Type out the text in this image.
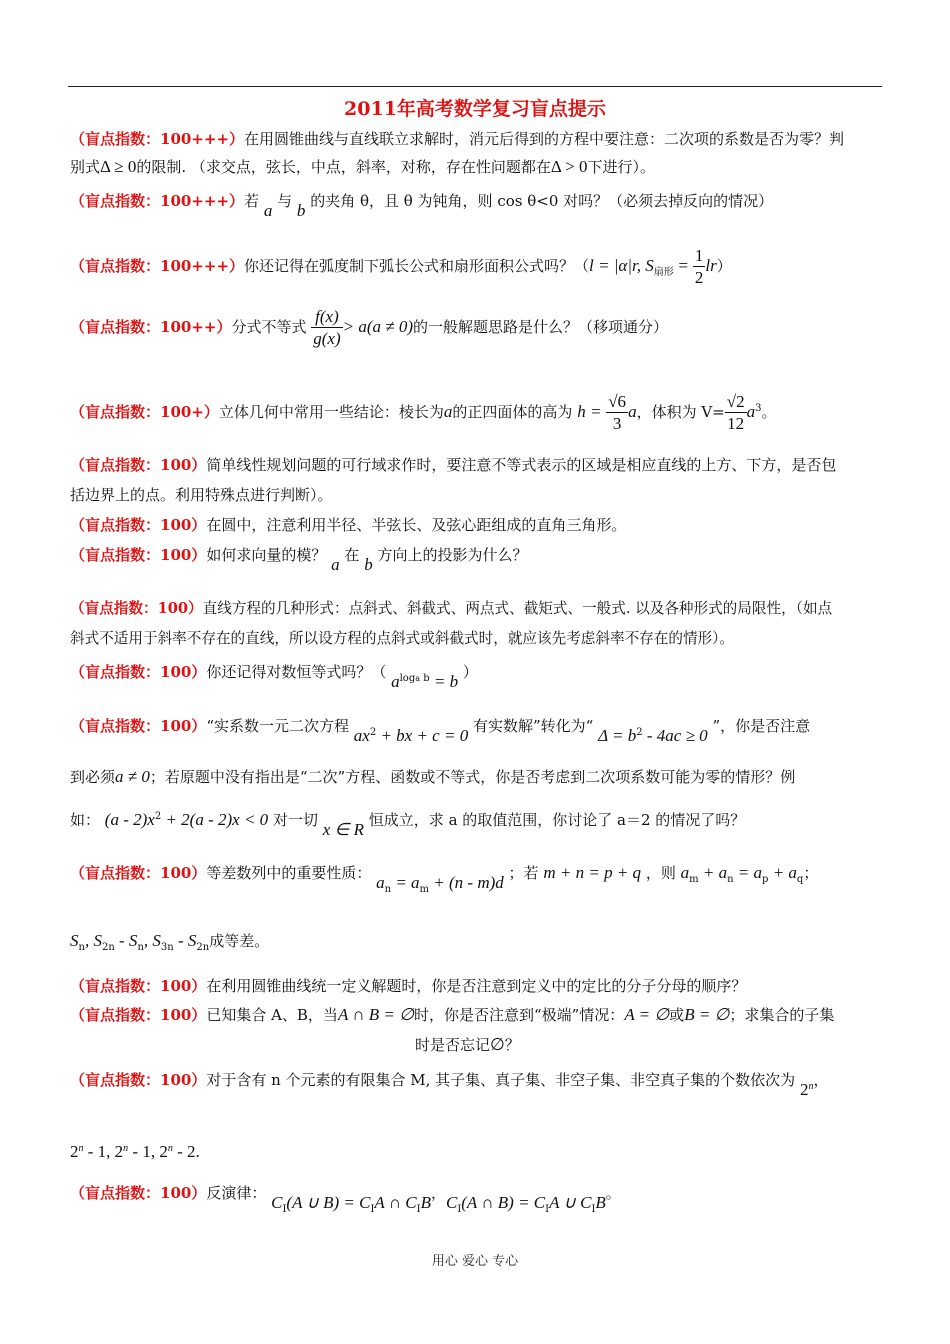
2011年高考数学复习盲点提示
（盲点指数：100+++）在用圆锥曲线与直线联立求解时，消元后得到的方程中要注意：二次项的系数是否为零？判
别式Δ ≥ 0的限制. （求交点，弦长，中点，斜率，对称，存在性问题都在Δ > 0下进行）。
（盲点指数：100+++）若 a 与 b 的夹角 θ，且 θ 为钝角，则 cos θ<0 对吗？（必须去掉反向的情况）
（盲点指数：100+++）你还记得在弧度制下弧长公式和扇形面积公式吗？（l = |α|r, $S_{扇形} = \frac{1}{2} lr$）
（盲点指数：100++）分式不等式 $\frac{f(x)}{g(x)} > a(a \ne 0)$的一般解题思路是什么？（移项通分）
（盲点指数：100+）立体几何中常用一些结论：棱长为a的正四面体的高为 $h = \frac{√6}{3}$ a，体积为 $V= \frac{√2}{12} a^3$。
（盲点指数：100）简单线性规划问题的可行域求作时，要注意不等式表示的区域是相应直线的上方、下方，是否包
括边界上的点。利用特殊点进行判断）。
（盲点指数：100）在圆中，注意利用半径、半弦长、及弦心距组成的直角三角形。
（盲点指数：100）如何求向量的模？ a 在 b 方向上的投影为什么？
（盲点指数：100）直线方程的几种形式：点斜式、斜截式、两点式、截矩式、一般式. 以及各种形式的局限性，（如点
斜式不适用于斜率不存在的直线，所以设方程的点斜式或斜截式时，就应该先考虑斜率不存在的情形）。
（盲点指数：100）你还记得对数恒等式吗？（ $a^{loga}$ $^b$ = b ）
（盲点指数：100）“实系数一元二次方程 $ax^2$ + bx + c = 0 有实数解”转化为“ $\Delta = b^2 - 4ac \ge 0$ ”，你是否注意
到必须a ≠ 0；若原题中没有指出是“二次”方程、函数或不等式，你是否考虑到二次项系数可能为零的情形？例
如： $(a - 2)x^2 + 2(a - 2)x < 0$ 对一切 x ∈ R 恒成立，求 a 的取值范围，你讨论了 a＝2 的情况了吗？
（盲点指数：100）等差数列中的重要性质： $a_n = a_m + (n - m)d$ ；若 m + n = p + q ，则 $a_m + a_n = a_p + a_q$；
$S_n$, $S_{2n} - S_n$, $S_{3n} - S_{2n}$成等差。
（盲点指数：100）在利用圆锥曲线统一定义解题时，你是否注意到定义中的定比的分子分母的顺序？
（盲点指数：100）已知集合 A、B，当A ∩ B = ∅时，你是否注意到“极端”情况：A = ∅或B = ∅；求集合的子集
时是否忘记∅？
（盲点指数：100）对于含有 n 个元素的有限集合 M, 其子集、真子集、非空子集、非空真子集的个数依次为 2$^n$，
2$^n$ - 1, 2$^n$ - 1, 2$^n$ - 2.
（盲点指数：100）反演律： $C_I(A$ ∪ $B) = C_IA$ ∩ $C_IB$，$C_I(A$ ∩ $B) = C_IA$ ∪ $C_IB$。
用心 爱心 专心
